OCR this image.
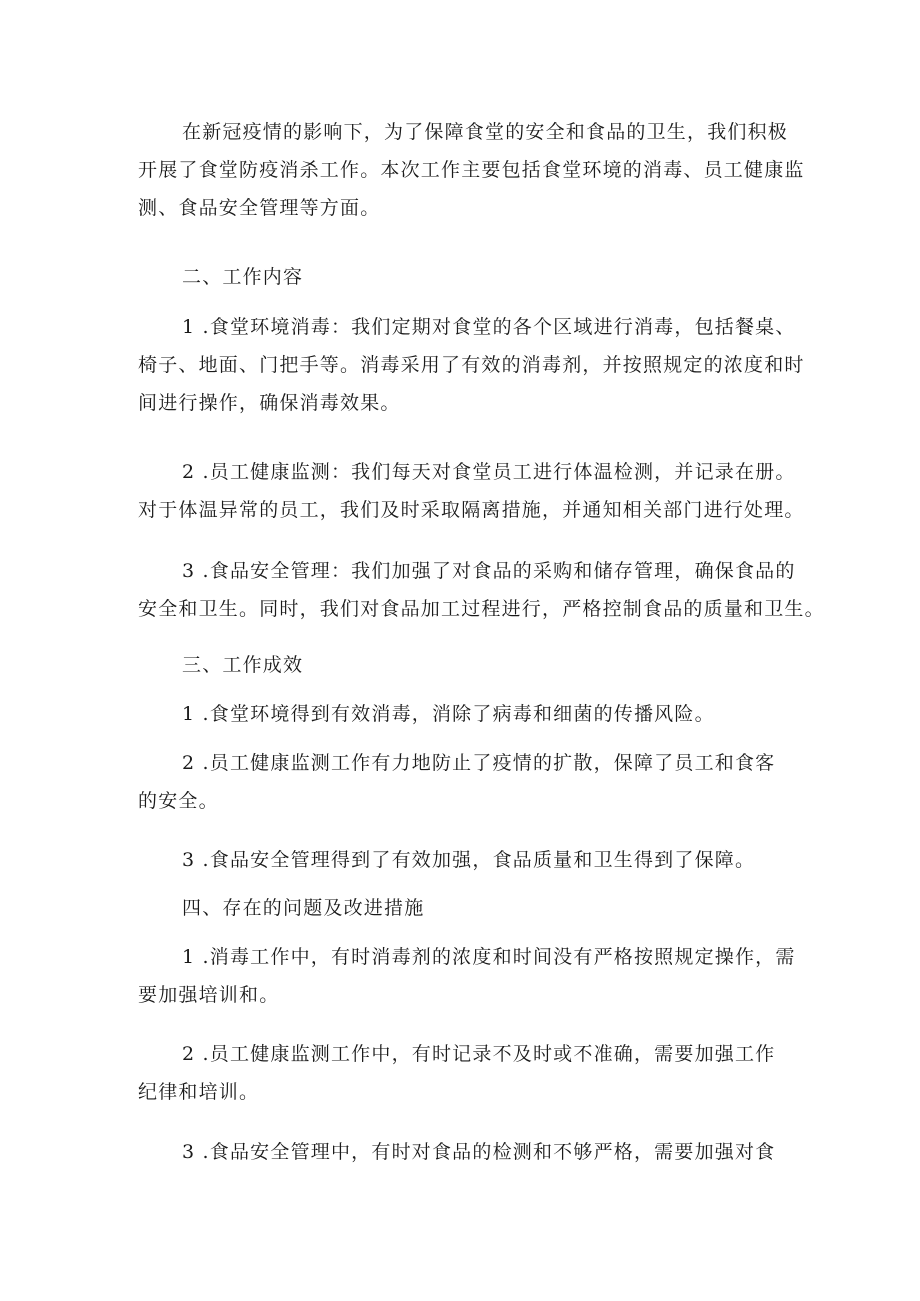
在新冠疫情的影响下，为了保障食堂的安全和食品的卫生，我们积极
开展了食堂防疫消杀工作。本次工作主要包括食堂环境的消毒、员工健康监
测、食品安全管理等方面。
二、工作内容
1 .食堂环境消毒：我们定期对食堂的各个区域进行消毒，包括餐桌、
椅子、地面、门把手等。消毒采用了有效的消毒剂，并按照规定的浓度和时
间进行操作，确保消毒效果。
2 .员工健康监测：我们每天对食堂员工进行体温检测，并记录在册。
对于体温异常的员工，我们及时采取隔离措施，并通知相关部门进行处理。
3 .食品安全管理：我们加强了对食品的采购和储存管理，确保食品的
安全和卫生。同时，我们对食品加工过程进行，严格控制食品的质量和卫生。
三、工作成效
1 .食堂环境得到有效消毒，消除了病毒和细菌的传播风险。
2 .员工健康监测工作有力地防止了疫情的扩散，保障了员工和食客
的安全。
3 .食品安全管理得到了有效加强，食品质量和卫生得到了保障。
四、存在的问题及改进措施
1 .消毒工作中，有时消毒剂的浓度和时间没有严格按照规定操作，需
要加强培训和。
2 .员工健康监测工作中，有时记录不及时或不准确，需要加强工作
纪律和培训。
3 .食品安全管理中，有时对食品的检测和不够严格，需要加强对食
